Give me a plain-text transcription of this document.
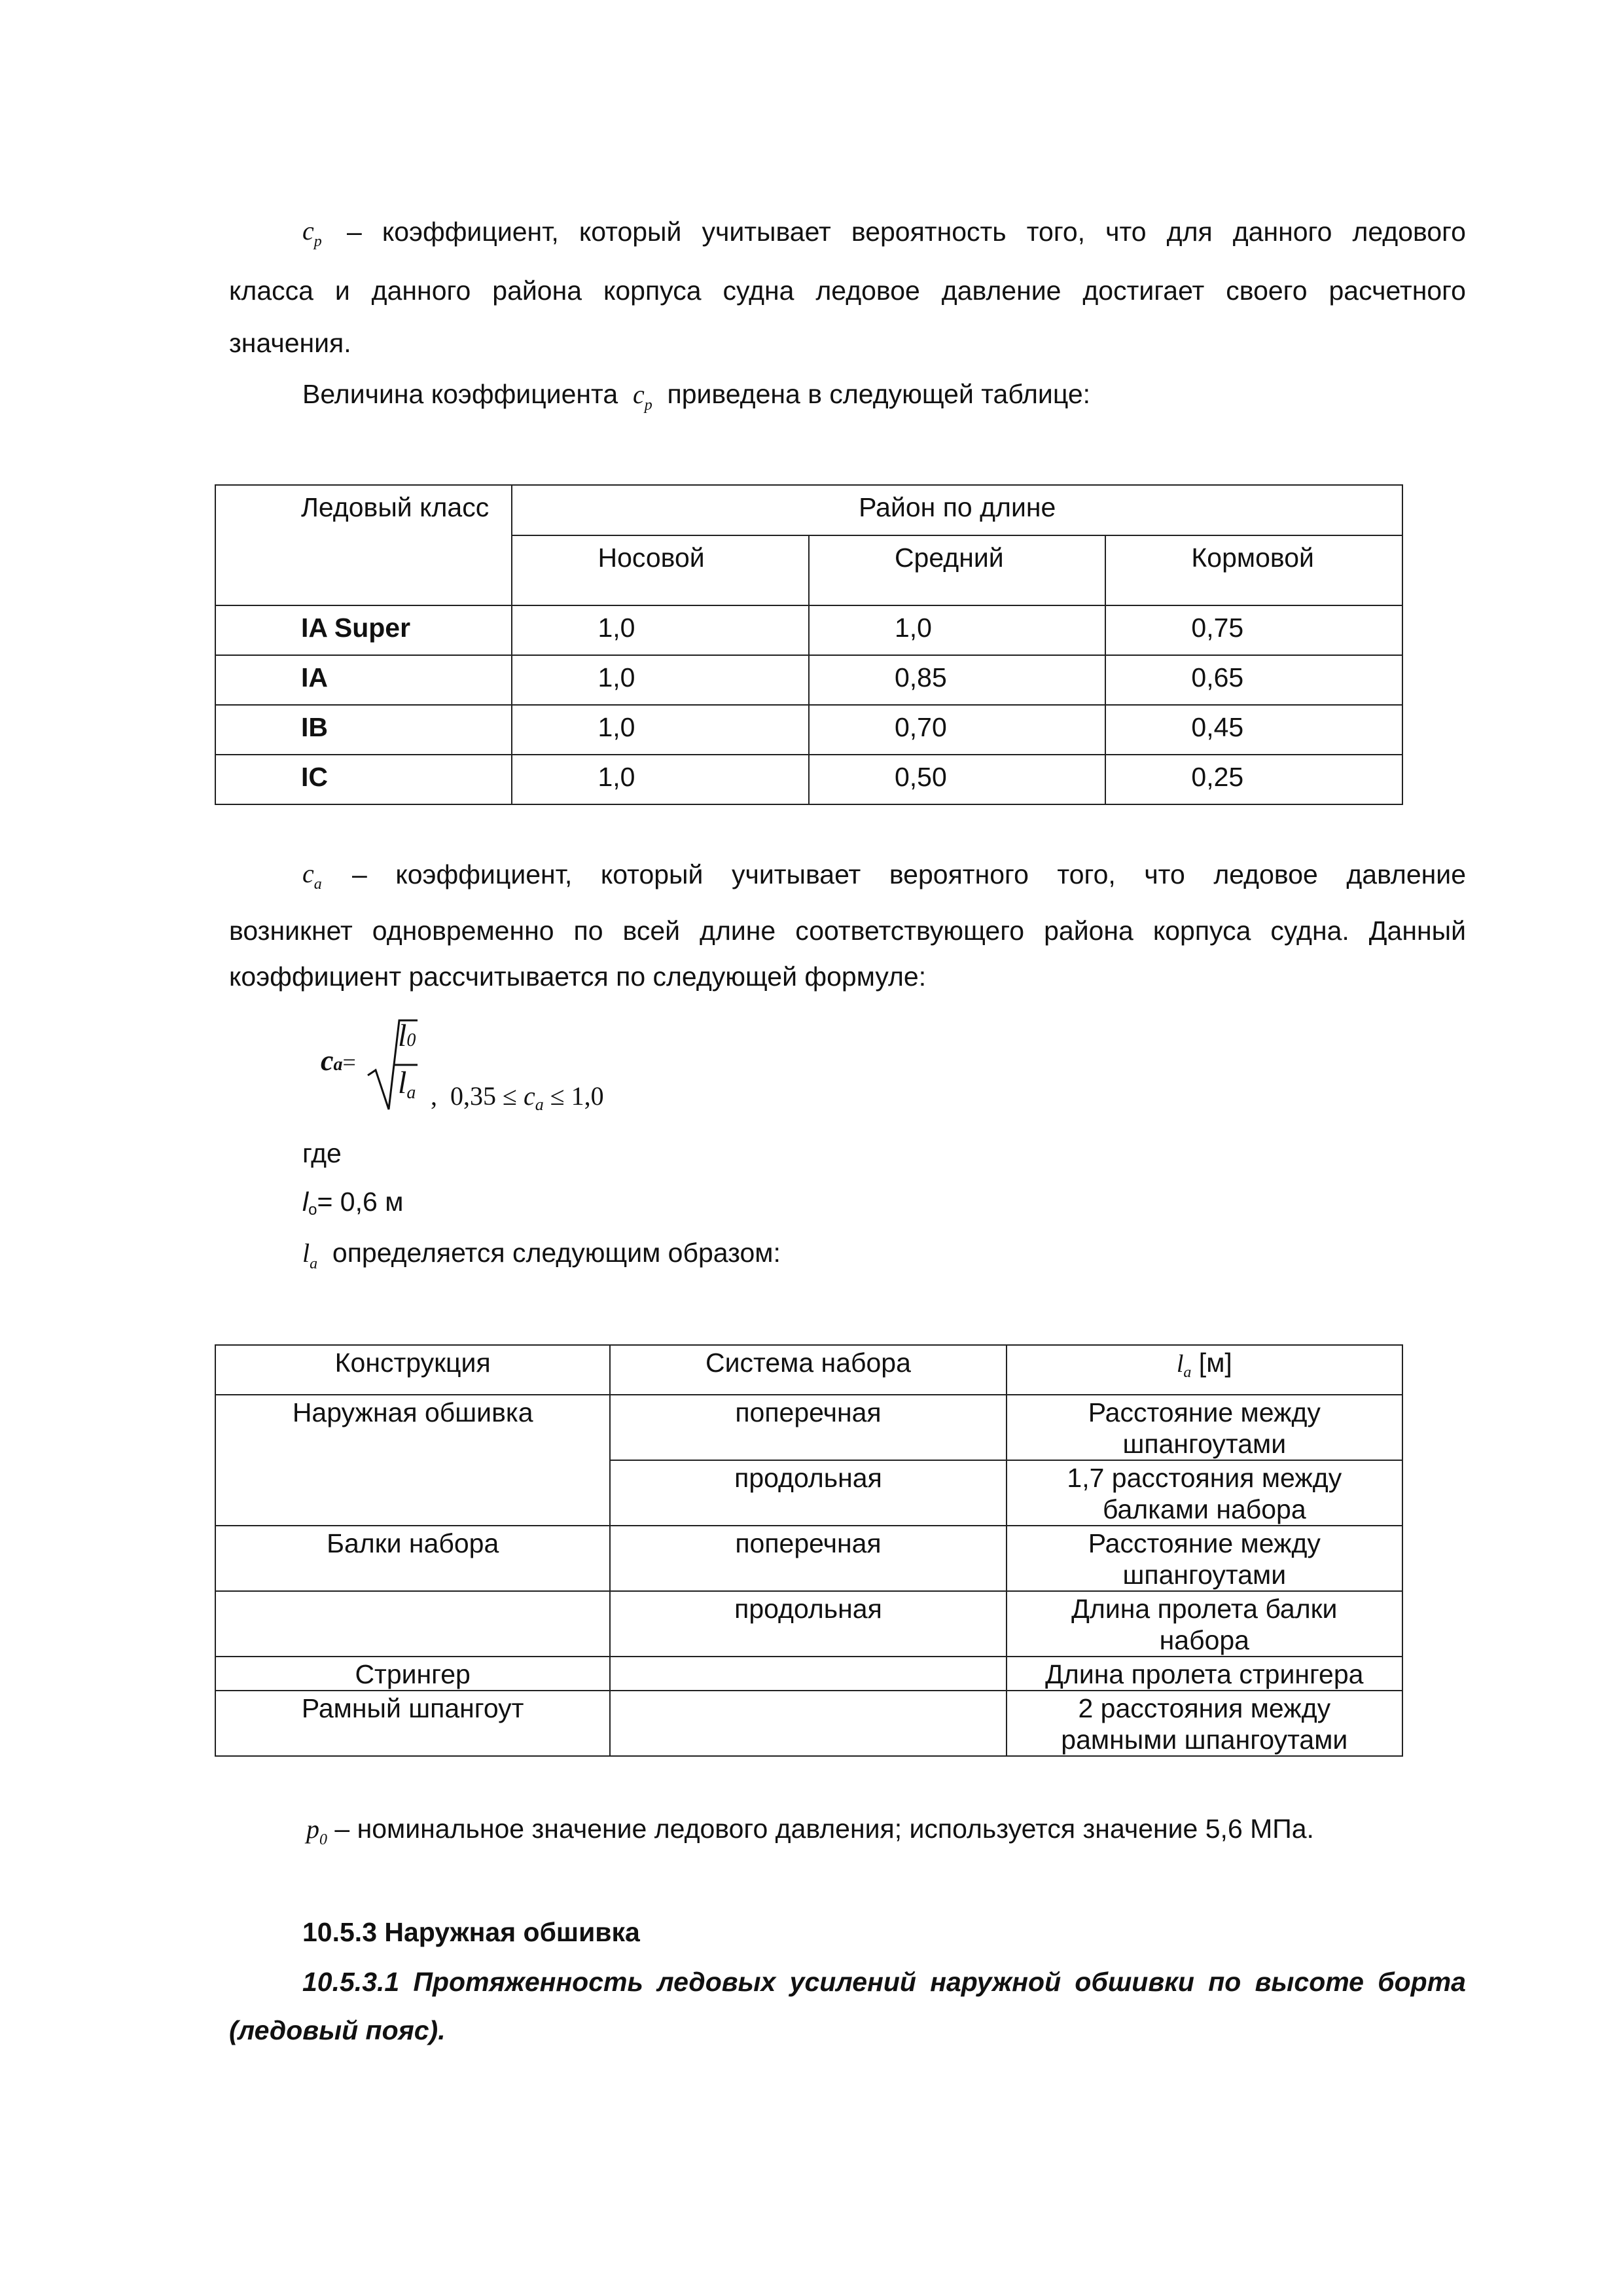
$c_p$ – коэффициент, который учитывает вероятность того, что для данного ледового
класса и данного района корпуса судна ледовое давление достигает своего расчетного
значения.
Величина коэффициента $c_p$ приведена в следующей таблице:
Ледовый класс	Район по длине		
	Носовой	Средний	Кормовой
IA Super	1,0	1,0	0,75
IA	1,0	0,85	0,65
IB	1,0	0,70	0,45
IC	1,0	0,50	0,25
$c_a$ – коэффициент, который учитывает вероятного того, что ледовое давление
возникнет одновременно по всей длине соответствующего района корпуса судна. Данный
коэффициент рассчитывается по следующей формуле:
ca=
l0
la , $0,35 \le c_a \le 1,0$
где
lo= 0,6 м
$l_a$ определяется следующим образом:
Конструкция	Система набора	la [м]
Наружная обшивка	поперечная	Расстояние между
шпангоутами

	продольная	1,7 расстояния между
балками набора

Балки набора	поперечная	Расстояние между
шпангоутами

	продольная	Длина пролета балки
набора

Стрингер		Длина пролета стрингера
Рамный шпангоут		2 расстояния между
рамными шпангоутами
$p_0$ – номинальное значение ледового давления; используется значение 5,6 МПа.
10.5.3 Наружная обшивка
10.5.3.1 Протяженность ледовых усилений наружной обшивки по высоте борта
(ледовый пояс).
